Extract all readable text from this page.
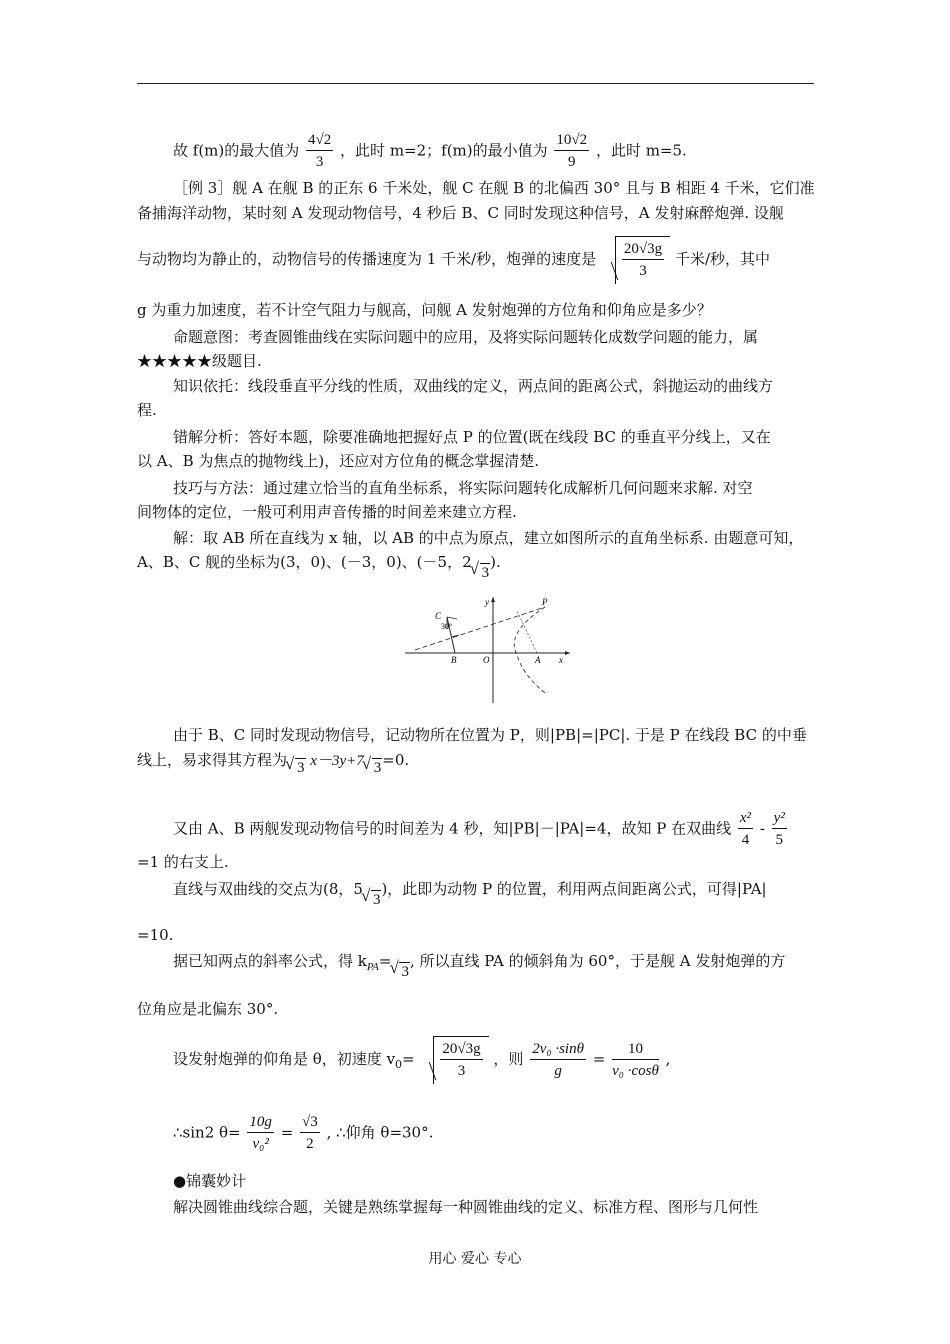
故 f(m)的最大值为 $\frac{4√2}{3}$ ，此时 m=2；f(m)的最小值为 $\frac{10√2}{9}$ ，此时 m=5.
［例 3］舰 A 在舰 B 的正东 6 千米处，舰 C 在舰 B 的北偏西 30° 且与 B 相距 4 千米，它们准
备捕海洋动物，某时刻 A 发现动物信号，4 秒后 B、C 同时发现这种信号，A 发射麻醉炮弹. 设舰
与动物均为静止的，动物信号的传播速度为 1 千米/秒，炮弹的速度是 $\frac{20√3g}{3}$ 千米/秒，其中
g 为重力加速度，若不计空气阻力与舰高，问舰 A 发射炮弹的方位角和仰角应是多少？
命题意图：考查圆锥曲线在实际问题中的应用，及将实际问题转化成数学问题的能力，属
★★★★★级题目.
知识依托：线段垂直平分线的性质，双曲线的定义，两点间的距离公式，斜抛运动的曲线方
程.
错解分析：答好本题，除要准确地把握好点 P 的位置(既在线段 BC 的垂直平分线上，又在
以 A、B 为焦点的抛物线上)，还应对方位角的概念掌握清楚.
技巧与方法：通过建立恰当的直角坐标系，将实际问题转化成解析几何问题来求解. 对空
间物体的定位，一般可利用声音传播的时间差来建立方程.
解：取 AB 所在直线为 x 轴，以 AB 的中点为原点，建立如图所示的直角坐标系. 由题意可知，
A、B、C 舰的坐标为(3，0)、(－3，0)、(－5，2√ 3).
y
x
P
C
B	O	A
30°
由于 B、C 同时发现动物信号，记动物所在位置为 P，则|PB|=|PC|. 于是 P 在线段 BC 的中垂
线上，易求得其方程为 √ 3 x－3y+7 √ 3=0.
又由 A、B 两舰发现动物信号的时间差为 4 秒，知|PB|－|PA|=4，故知 P 在双曲线 $\frac{\text{x²}}{4} - \frac{\text{y²}}{5}$
=1 的右支上.
直线与双曲线的交点为(8，5√ 3)，此即为动物 P 的位置，利用两点间距离公式，可得|PA|
=10.
据已知两点的斜率公式，得 $k_{PA}=√$ 3, 所以直线 PA 的倾斜角为 60°，于是舰 A 发射炮弹的方
位角应是北偏东 30°.
设发射炮弹的仰角是 θ，初速度 $v_0= \frac{20√3g}{3}$ ，则 $\frac{\text{2v₀ ·sinθ}}{g} = \frac{10}{\text{v₀ ·cosθ}}$ ,
∴sin2 $\theta= \frac{10g}{\text{v₀²}} = \frac{√3}{2}$ , ∴仰角 θ=30°.
●锦囊妙计
解决圆锥曲线综合题，关键是熟练掌握每一种圆锥曲线的定义、标准方程、图形与几何性
用心 爱心 专心
